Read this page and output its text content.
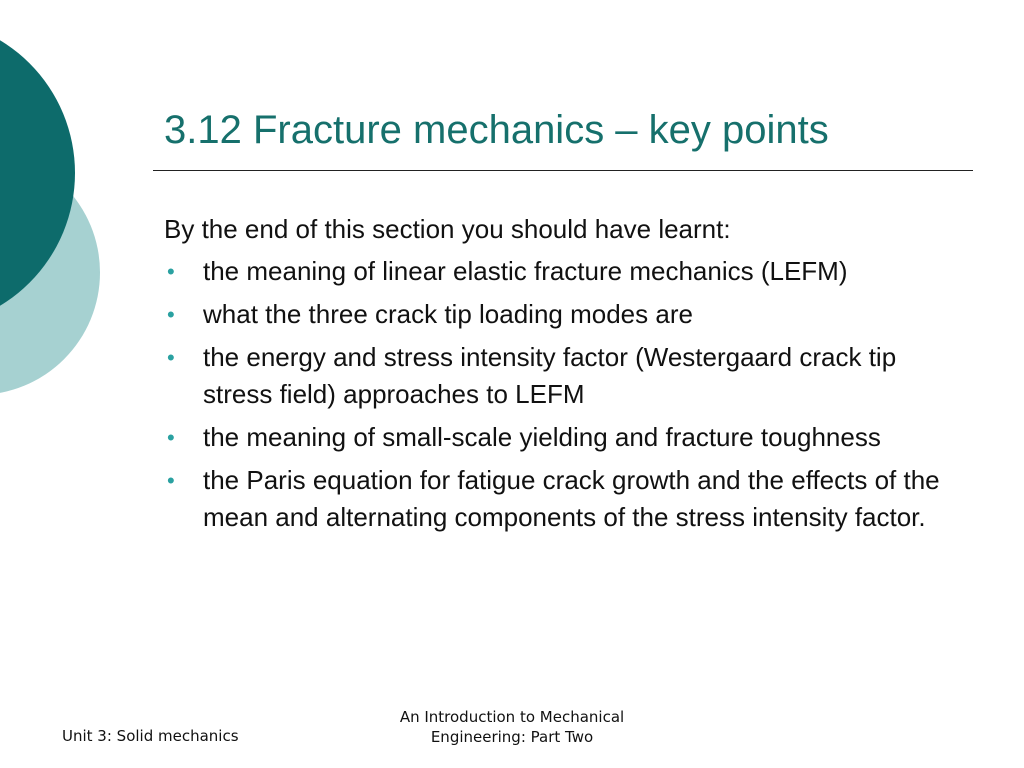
3.12 Fracture mechanics – key points

By the end of this section you should have learnt:

• the meaning of linear elastic fracture mechanics (LEFM)
• what the three crack tip loading modes are
• the energy and stress intensity factor (Westergaard crack tip stress field) approaches to LEFM
• the meaning of small-scale yielding and fracture toughness
• the Paris equation for fatigue crack growth and the effects of the mean and alternating components of the stress intensity factor.
Unit 3: Solid mechanics
An Introduction to Mechanical
Engineering: Part Two
